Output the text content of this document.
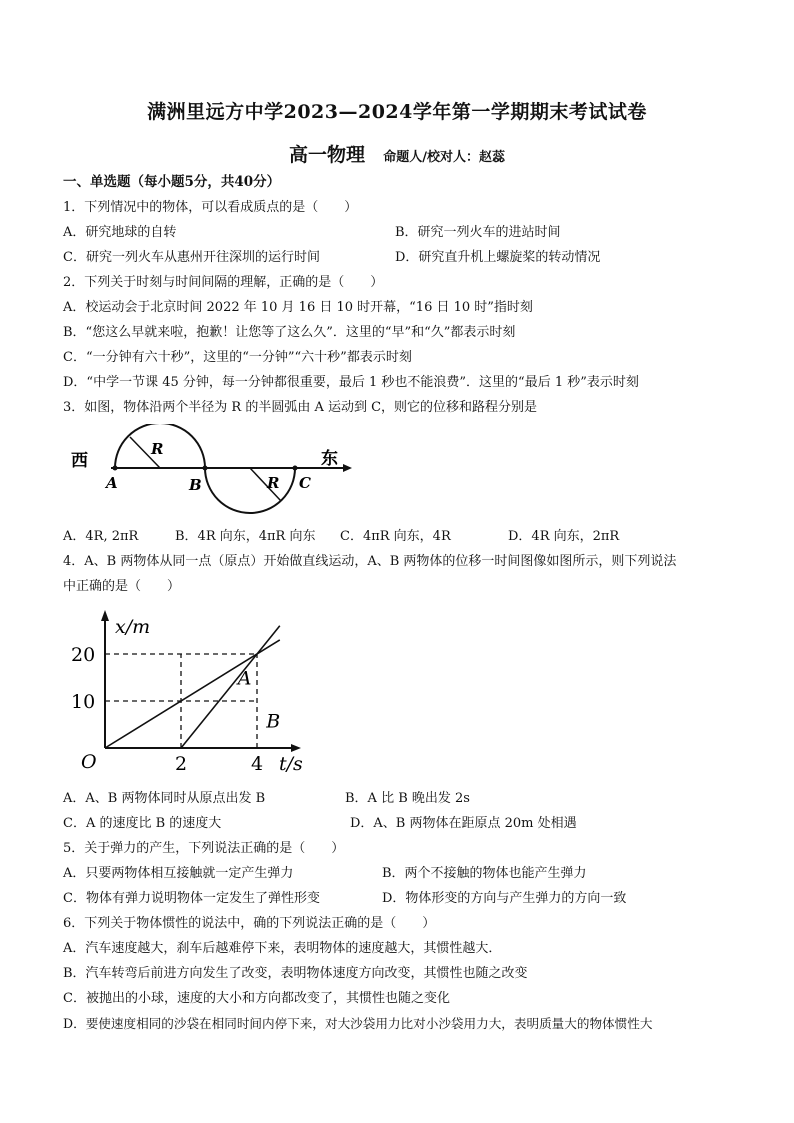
满洲里远方中学2023—2024学年第一学期期末考试试卷
高一物理 命题人/校对人：赵蕊
一、单选题（每小题5分，共40分）
1．下列情况中的物体，可以看成质点的是（　　）
A．研究地球的自转	B．研究一列火车的进站时间
C．研究一列火车从惠州开往深圳的运行时间	D．研究直升机上螺旋桨的转动情况
2．下列关于时刻与时间间隔的理解，正确的是（　　）
A．校运动会于北京时间 2022 年 10 月 16 日 10 时开幕，“16 日 10 时”指时刻
B．“您这么早就来啦，抱歉！让您等了这么久”．这里的“早”和“久”都表示时刻
C．“一分钟有六十秒”，这里的“一分钟”“六十秒”都表示时刻
D．“中学一节课 45 分钟，每一分钟都很重要，最后 1 秒也不能浪费”．这里的“最后 1 秒”表示时刻
3．如图，物体沿两个半径为 R 的半圆弧由 A 运动到 C，则它的位移和路程分别是
西	东
A	B	C
R
R
A．4R, 2πR	B．4R 向东，4πR 向东 C．4πR 向东，4R	D．4R 向东，2πR
4．A、B 两物体从同一点（原点）开始做直线运动，A、B 两物体的位移一时间图像如图所示，则下列说法
中正确的是（　　）
O	2	4
10
20
t/s
x/m
A
B
A．A、B 两物体同时从原点出发 B	B．A 比 B 晚出发 2s
C．A 的速度比 B 的速度大	D．A、B 两物体在距原点 20m 处相遇
5．关于弹力的产生，下列说法正确的是（　　）
A．只要两物体相互接触就一定产生弹力	B．两个不接触的物体也能产生弹力
C．物体有弹力说明物体一定发生了弹性形变	D．物体形变的方向与产生弹力的方向一致
6．下列关于物体惯性的说法中，确的下列说法正确的是（　　）
A．汽车速度越大，刹车后越难停下来，表明物体的速度越大，其惯性越大．
B．汽车转弯后前进方向发生了改变，表明物体速度方向改变，其惯性也随之改变
C．被抛出的小球，速度的大小和方向都改变了，其惯性也随之变化
D．要使速度相同的沙袋在相同时间内停下来，对大沙袋用力比对小沙袋用力大，表明质量大的物体惯性大
